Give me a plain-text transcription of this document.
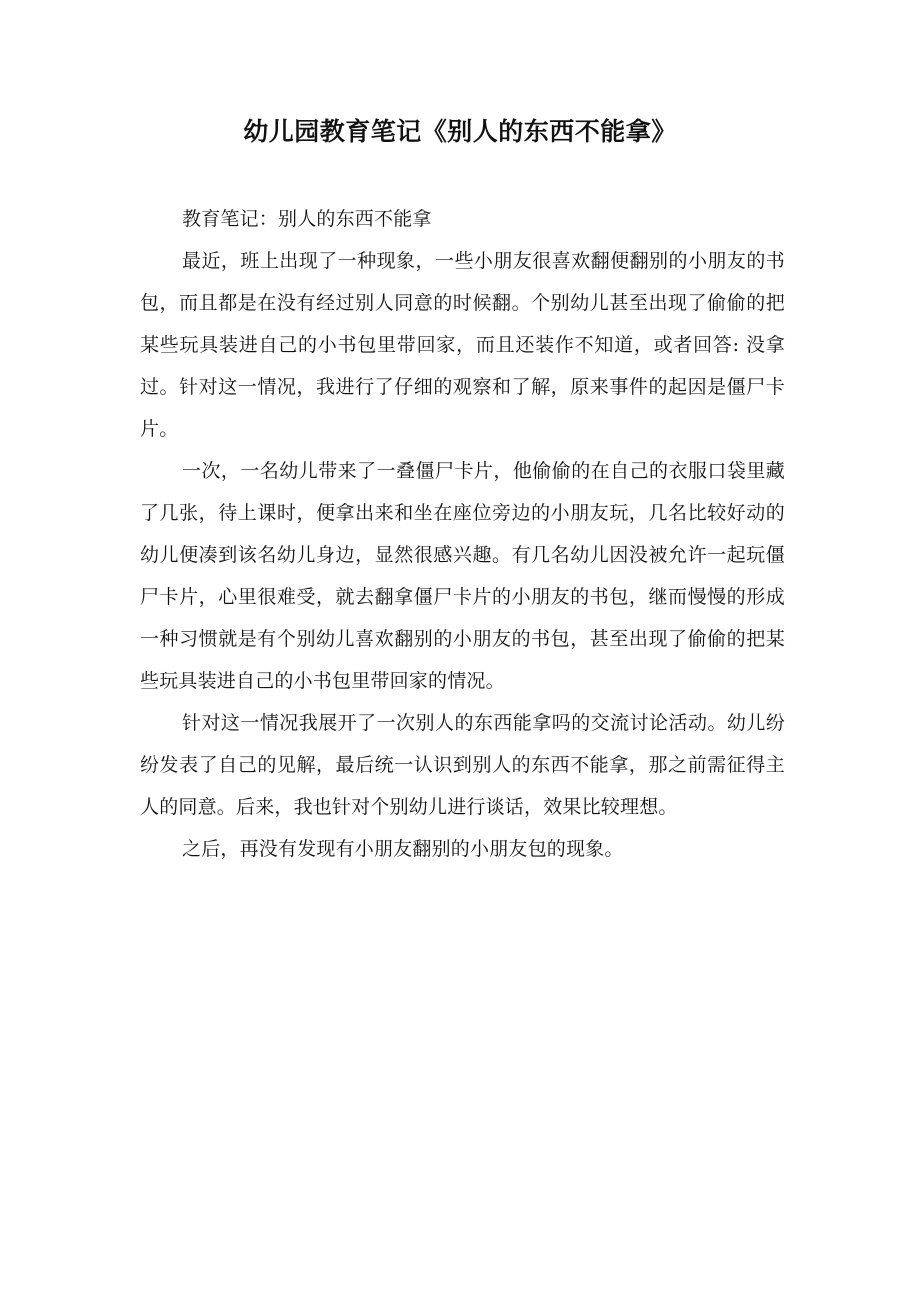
幼儿园教育笔记《别人的东西不能拿》

教育笔记：别人的东西不能拿

最近，班上出现了一种现象，一些小朋友很喜欢翻便翻别的小朋友的书包，而且都是在没有经过别人同意的时候翻。个别幼儿甚至出现了偷偷的把某些玩具装进自己的小书包里带回家，而且还装作不知道，或者回答: 没拿过。针对这一情况，我进行了仔细的观察和了解，原来事件的起因是僵尸卡片。

一次，一名幼儿带来了一叠僵尸卡片，他偷偷的在自己的衣服口袋里藏了几张，待上课时，便拿出来和坐在座位旁边的小朋友玩，几名比较好动的幼儿便凑到该名幼儿身边，显然很感兴趣。有几名幼儿因没被允许一起玩僵尸卡片，心里很难受，就去翻拿僵尸卡片的小朋友的书包，继而慢慢的形成一种习惯就是有个别幼儿喜欢翻别的小朋友的书包，甚至出现了偷偷的把某些玩具装进自己的小书包里带回家的情况。

针对这一情况我展开了一次别人的东西能拿吗的交流讨论活动。幼儿纷纷发表了自己的见解，最后统一认识到别人的东西不能拿，那之前需征得主人的同意。后来，我也针对个别幼儿进行谈话，效果比较理想。

之后，再没有发现有小朋友翻别的小朋友包的现象。
